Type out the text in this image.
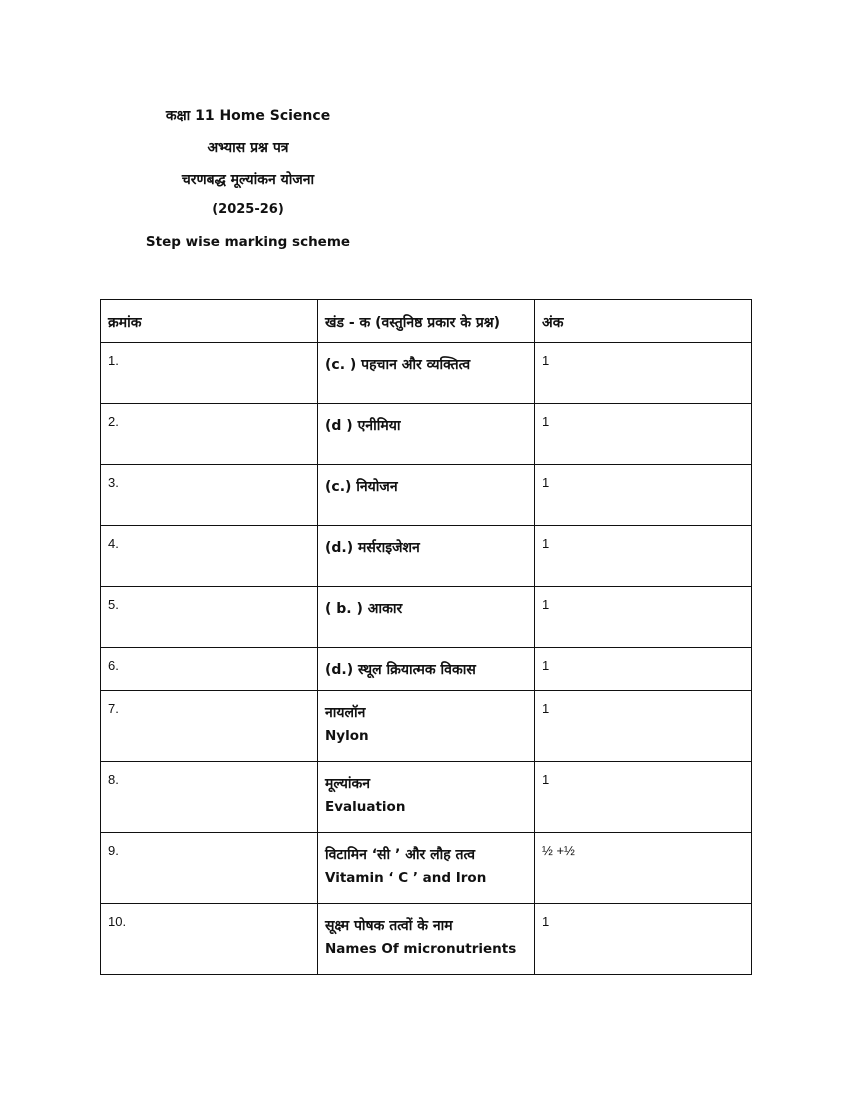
कक्षा 11 Home Science
अभ्यास प्रश्न पत्र
चरणबद्ध मूल्यांकन योजना
(2025-26)
Step wise marking scheme
क्रमांक	खंड - क (वस्तुनिष्ठ प्रकार के प्रश्न)	अंक

1.	(c. ) पहचान और व्यक्तित्व	1

2.	(d ) एनीमिया	1

3.	(c.) नियोजन	1

4.	(d.) मर्सराइजेशन	1

5.	( b. ) आकार	1

6.	(d.) स्थूल क्रियात्मक विकास	1

7.	नायलॉन
Nylon	1

8.	मूल्यांकन
Evaluation	1

9.	विटामिन ‘सी ’ और लौह तत्व
Vitamin ‘ C ’ and Iron	½ +½

10.	सूक्ष्म पोषक तत्वों के नाम
Names Of micronutrients	1
